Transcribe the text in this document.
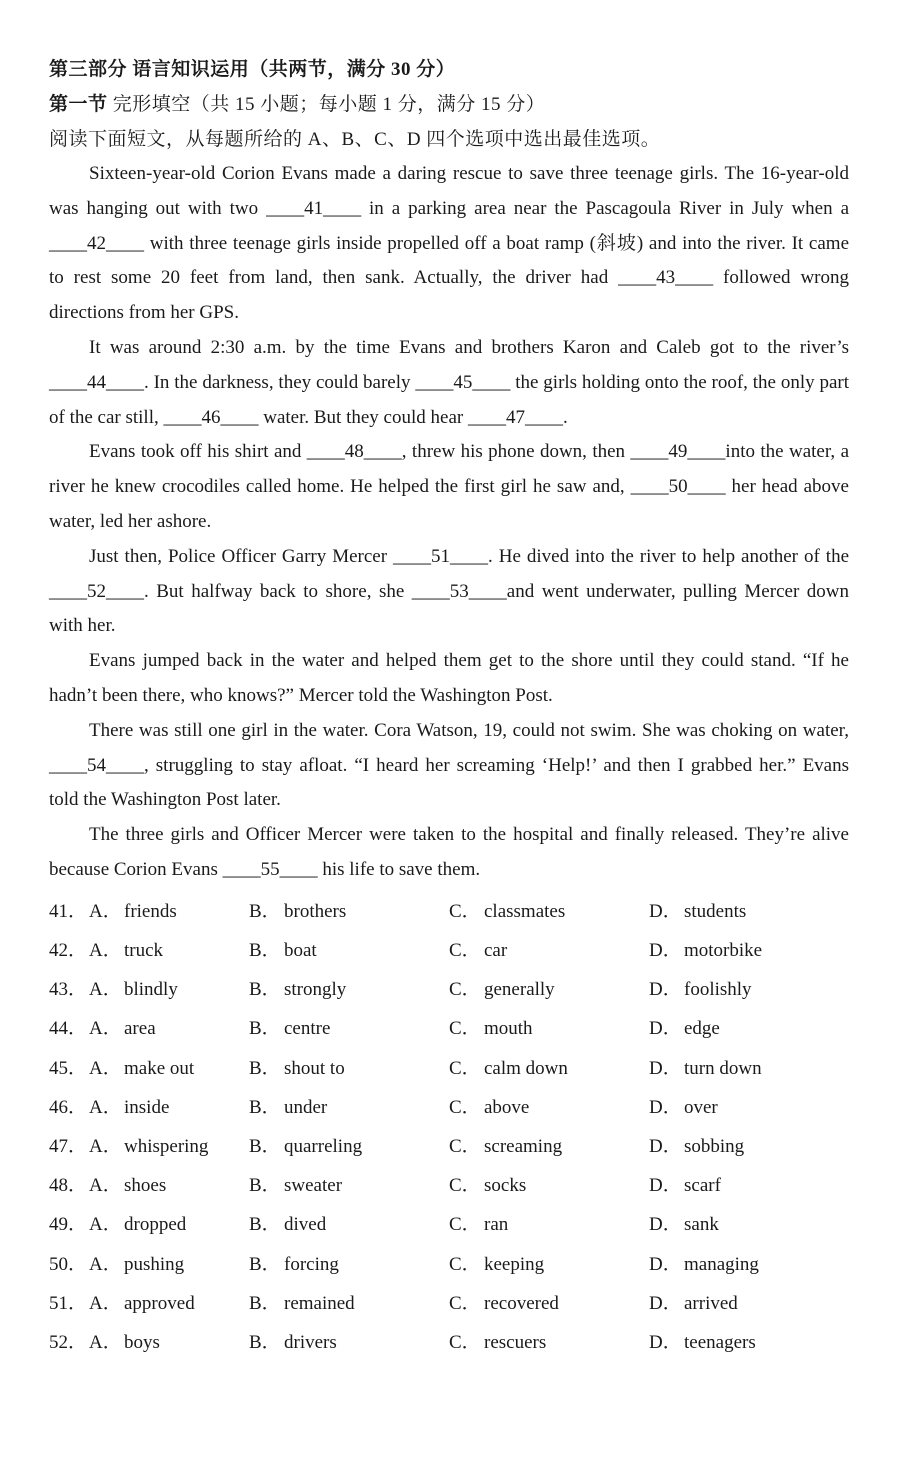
第三部分 语言知识运用（共两节，满分 30 分）
第一节 完形填空（共 15 小题；每小题 1 分，满分 15 分）
阅读下面短文，从每题所给的 A、B、C、D 四个选项中选出最佳选项。

Sixteen-year-old Corion Evans made a daring rescue to save three teenage girls. The 16-year-old was hanging out with two ____41____ in a parking area near the Pascagoula River in July when a ____42____ with three teenage girls inside propelled off a boat ramp (斜坡) and into the river. It came to rest some 20 feet from land, then sank. Actually, the driver had ____43____ followed wrong directions from her GPS.

It was around 2:30 a.m. by the time Evans and brothers Karon and Caleb got to the river’s ____44____. In the darkness, they could barely ____45____ the girls holding onto the roof, the only part of the car still, ____46____ water. But they could hear ____47____.

Evans took off his shirt and ____48____, threw his phone down, then ____49____into the water, a river he knew crocodiles called home. He helped the first girl he saw and, ____50____ her head above water, led her ashore.

Just then, Police Officer Garry Mercer ____51____. He dived into the river to help another of the ____52____. But halfway back to shore, she ____53____and went underwater, pulling Mercer down with her.

Evans jumped back in the water and helped them get to the shore until they could stand. “If he hadn’t been there, who knows?” Mercer told the Washington Post.

There was still one girl in the water. Cora Watson, 19, could not swim. She was choking on water, ____54____, struggling to stay afloat. “I heard her screaming ‘Help!’ and then I grabbed her.” Evans told the Washington Post later.

The three girls and Officer Mercer were taken to the hospital and finally released. They’re alive because Corion Evans ____55____ his life to save them.

41． A． friends	B． brothers	C． classmates	D． students
42． A． truck	B． boat	C． car	D． motorbike
43． A． blindly	B． strongly	C． generally	D． foolishly
44． A． area	B． centre	C． mouth	D． edge
45． A． make out	B． shout to	C． calm down	D． turn down
46． A． inside	B． under	C． above	D． over
47． A． whispering	B． quarreling	C． screaming	D． sobbing
48． A． shoes	B． sweater	C． socks	D． scarf
49． A． dropped	B． dived	C． ran	D． sank
50． A． pushing	B． forcing	C． keeping	D． managing
51． A． approved	B． remained	C． recovered	D． arrived
52． A． boys	B． drivers	C． rescuers	D． teenagers
